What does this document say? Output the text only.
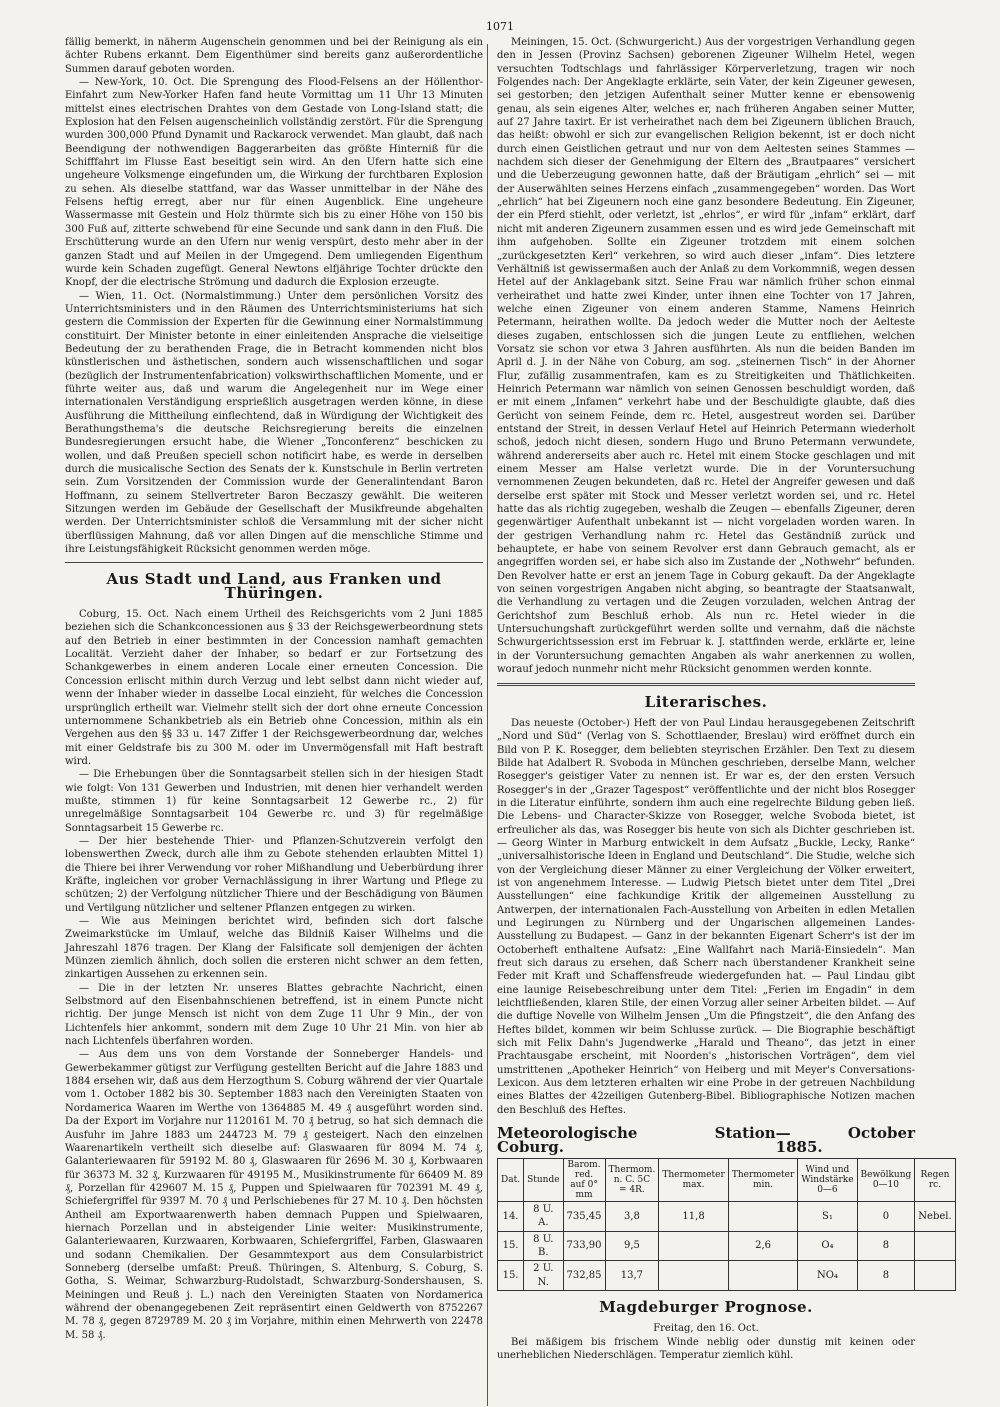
1071

fällig bemerkt, in näherm Augenschein genommen und bei der Reinigung als ein ächter Rubens erkannt. Dem Eigenthümer sind bereits ganz außerordentliche Summen darauf geboten worden.

— New-York, 10. Oct. Die Sprengung des Flood-Felsens an der Höllenthor-Einfahrt zum New-Yorker Hafen fand heute Vormittag um 11 Uhr 13 Minuten mittelst eines electrischen Drahtes von dem Gestade von Long-Island statt; die Explosion hat den Felsen augenscheinlich vollständig zerstört. Für die Sprengung wurden 300,000 Pfund Dynamit und Rackarock verwendet. Man glaubt, daß nach Beendigung der nothwendigen Baggerarbeiten das größte Hinterniß für die Schifffahrt im Flusse East beseitigt sein wird. An den Ufern hatte sich eine ungeheure Volksmenge eingefunden um, die Wirkung der furchtbaren Explosion zu sehen. Als dieselbe stattfand, war das Wasser unmittelbar in der Nähe des Felsens heftig erregt, aber nur für einen Augenblick. Eine ungeheure Wassermasse mit Gestein und Holz thürmte sich bis zu einer Höhe von 150 bis 300 Fuß auf, zitterte schwebend für eine Secunde und sank dann in den Fluß. Die Erschütterung wurde an den Ufern nur wenig verspürt, desto mehr aber in der ganzen Stadt und auf Meilen in der Umgegend. Dem umliegenden Eigenthum wurde kein Schaden zugefügt. General Newtons elfjährige Tochter drückte den Knopf, der die electrische Strömung und dadurch die Explosion erzeugte.

— Wien, 11. Oct. (Normalstimmung.) Unter dem persönlichen Vorsitz des Unterrichtsministers und in den Räumen des Unterrichtsministeriums hat sich gestern die Commission der Experten für die Gewinnung einer Normalstimmung constituirt. Der Minister betonte in einer einleitenden Ansprache die vielseitige Bedeutung der zu berathenden Frage, die in Betracht kommenden nicht blos künstlerischen und ästhetischen, sondern auch wissenschaftlichen und sogar (bezüglich der Instrumentenfabrication) volkswirthschaftlichen Momente, und er führte weiter aus, daß und warum die Angelegenheit nur im Wege einer internationalen Verständigung ersprießlich ausgetragen werden könne, in diese Ausführung die Mittheilung einflechtend, daß in Würdigung der Wichtigkeit des Berathungsthema's die deutsche Reichsregierung bereits die einzelnen Bundesregierungen ersucht habe, die Wiener „Tonconferenz“ beschicken zu wollen, und daß Preußen speciell schon notificirt habe, es werde in derselben durch die musicalische Section des Senats der k. Kunstschule in Berlin vertreten sein. Zum Vorsitzenden der Commission wurde der Generalintendant Baron Hoffmann, zu seinem Stellvertreter Baron Beczaszy gewählt. Die weiteren Sitzungen werden im Gebäude der Gesellschaft der Musikfreunde abgehalten werden. Der Unterrichtsminister schloß die Versammlung mit der sicher nicht überflüssigen Mahnung, daß vor allen Dingen auf die menschliche Stimme und ihre Leistungsfähigkeit Rücksicht genommen werden möge.

Aus Stadt und Land, aus Franken und Thüringen.

Coburg, 15. Oct. Nach einem Urtheil des Reichsgerichts vom 2 Juni 1885 beziehen sich die Schankconcessionen aus § 33 der Reichsgewerbeordnung stets auf den Betrieb in einer bestimmten in der Concession namhaft gemachten Localität. Verzieht daher der Inhaber, so bedarf er zur Fortsetzung des Schankgewerbes in einem anderen Locale einer erneuten Concession. Die Concession erlischt mithin durch Verzug und lebt selbst dann nicht wieder auf, wenn der Inhaber wieder in dasselbe Local einzieht, für welches die Concession ursprünglich ertheilt war. Vielmehr stellt sich der dort ohne erneute Concession unternommene Schankbetrieb als ein Betrieb ohne Concession, mithin als ein Vergehen aus den §§ 33 u. 147 Ziffer 1 der Reichsgewerbeordnung dar, welches mit einer Geldstrafe bis zu 300 M. oder im Unvermögensfall mit Haft bestraft wird.

— Die Erhebungen über die Sonntagsarbeit stellen sich in der hiesigen Stadt wie folgt: Von 131 Gewerben und Industrien, mit denen hier verhandelt werden mußte, stimmen 1) für keine Sonntagsarbeit 12 Gewerbe rc., 2) für unregelmäßige Sonntagsarbeit 104 Gewerbe rc. und 3) für regelmäßige Sonntagsarbeit 15 Gewerbe rc.

— Der hier bestehende Thier- und Pflanzen-Schutzverein verfolgt den lobenswerthen Zweck, durch alle ihm zu Gebote stehenden erlaubten Mittel 1) die Thiere bei ihrer Verwendung vor roher Mißhandlung und Ueberbürdung ihrer Kräfte, ingleichen vor grober Vernachlässigung in ihrer Wartung und Pflege zu schützen; 2) der Verfolgung nützlicher Thiere und der Beschädigung von Bäumen und Vertilgung nützlicher und seltener Pflanzen entgegen zu wirken.

— Wie aus Meiningen berichtet wird, befinden sich dort falsche Zweimarkstücke im Umlauf, welche das Bildniß Kaiser Wilhelms und die Jahreszahl 1876 tragen. Der Klang der Falsificate soll demjenigen der ächten Münzen ziemlich ähnlich, doch sollen die ersteren nicht schwer an dem fetten, zinkartigen Aussehen zu erkennen sein.

— Die in der letzten Nr. unseres Blattes gebrachte Nachricht, einen Selbstmord auf den Eisenbahnschienen betreffend, ist in einem Puncte nicht richtig. Der junge Mensch ist nicht von dem Zuge 11 Uhr 9 Min., der von Lichtenfels hier ankommt, sondern mit dem Zuge 10 Uhr 21 Min. von hier ab nach Lichtenfels überfahren worden.

— Aus dem uns von dem Vorstande der Sonneberger Handels- und Gewerbekammer gütigst zur Verfügung gestellten Bericht auf die Jahre 1883 und 1884 ersehen wir, daß aus dem Herzogthum S. Coburg während der vier Quartale vom 1. October 1882 bis 30. September 1883 nach den Vereinigten Staaten von Nordamerica Waaren im Werthe von 1364885 M. 49 ₰ ausgeführt worden sind. Da der Export im Vorjahre nur 1120161 M. 70 ₰ betrug, so hat sich demnach die Ausfuhr im Jahre 1883 um 244723 M. 79 ₰ gesteigert. Nach den einzelnen Waarenartikeln vertheilt sich dieselbe auf: Glaswaaren für 8094 M. 74 ₰, Galanteriewaaren für 59192 M. 80 ₰, Glaswaaren für 2696 M. 30 ₰, Korbwaaren für 36373 M. 32 ₰, Kurzwaaren für 49195 M., Musikinstrumente für 66409 M. 89 ₰, Porzellan für 429607 M. 15 ₰, Puppen und Spielwaaren für 702391 M. 49 ₰, Schiefergriffel für 9397 M. 70 ₰ und Perlschiebenes für 27 M. 10 ₰. Den höchsten Antheil am Exportwaarenwerth haben demnach Puppen und Spielwaaren, hiernach Porzellan und in absteigender Linie weiter: Musikinstrumente, Galanteriewaaren, Kurzwaaren, Korbwaaren, Schiefergriffel, Farben, Glaswaaren und sodann Chemikalien. Der Gesammtexport aus dem Consularbistrict Sonneberg (derselbe umfaßt: Preuß. Thüringen, S. Altenburg, S. Coburg, S. Gotha, S. Weimar, Schwarzburg-Rudolstadt, Schwarzburg-Sondershausen, S. Meiningen und Reuß j. L.) nach den Vereinigten Staaten von Nordamerica während der obenangegebenen Zeit repräsentirt einen Geldwerth von 8752267 M. 78 ₰, gegen 8729789 M. 20 ₰ im Vorjahre, mithin einen Mehrwerth von 22478 M. 58 ₰.

Meiningen, 15. Oct. (Schwurgericht.) Aus der vorgestrigen Verhandlung gegen den in Jessen (Provinz Sachsen) geborenen Zigeuner Wilhelm Hetel, wegen versuchten Todtschlags und fahrlässiger Körperverletzung, tragen wir noch Folgendes nach: Der Angeklagte erklärte, sein Vater, der kein Zigeuner gewesen, sei gestorben; den jetzigen Aufenthalt seiner Mutter kenne er ebensowenig genau, als sein eigenes Alter, welches er, nach früheren Angaben seiner Mutter, auf 27 Jahre taxirt. Er ist verheirathet nach dem bei Zigeunern üblichen Brauch, das heißt: obwohl er sich zur evangelischen Religion bekennt, ist er doch nicht durch einen Geistlichen getraut und nur von dem Aeltesten seines Stammes — nachdem sich dieser der Genehmigung der Eltern des „Brautpaares“ versichert und die Ueberzeugung gewonnen hatte, daß der Bräutigam „ehrlich“ sei — mit der Auserwählten seines Herzens einfach „zusammengegeben“ worden. Das Wort „ehrlich“ hat bei Zigeunern noch eine ganz besondere Bedeutung. Ein Zigeuner, der ein Pferd stiehlt, oder verletzt, ist „ehrlos“, er wird für „infam“ erklärt, darf nicht mit anderen Zigeunern zusammen essen und es wird jede Gemeinschaft mit ihm aufgehoben. Sollte ein Zigeuner trotzdem mit einem solchen „zurückgesetzten Kerl“ verkehren, so wird auch dieser „infam“. Dies letztere Verhältniß ist gewissermaßen auch der Anlaß zu dem Vorkommniß, wegen dessen Hetel auf der Anklagebank sitzt. Seine Frau war nämlich früher schon einmal verheirathet und hatte zwei Kinder, unter ihnen eine Tochter von 17 Jahren, welche einen Zigeuner von einem anderen Stamme, Namens Heinrich Petermann, heirathen wollte. Da jedoch weder die Mutter noch der Aelteste dieses zugaben, entschlossen sich die jungen Leute zu entfliehen, welchen Vorsatz sie schon vor etwa 3 Jahren ausführten. Als nun die beiden Banden im April d. J. in der Nähe von Coburg, am sog. „steinernen Tisch“ in der Ahorner Flur, zufällig zusammentrafen, kam es zu Streitigkeiten und Thätlichkeiten. Heinrich Petermann war nämlich von seinen Genossen beschuldigt worden, daß er mit einem „Infamen“ verkehrt habe und der Beschuldigte glaubte, daß dies Gerücht von seinem Feinde, dem rc. Hetel, ausgestreut worden sei. Darüber entstand der Streit, in dessen Verlauf Hetel auf Heinrich Petermann wiederholt schoß, jedoch nicht diesen, sondern Hugo und Bruno Petermann verwundete, während andererseits aber auch rc. Hetel mit einem Stocke geschlagen und mit einem Messer am Halse verletzt wurde. Die in der Voruntersuchung vernommenen Zeugen bekundeten, daß rc. Hetel der Angreifer gewesen und daß derselbe erst später mit Stock und Messer verletzt worden sei, und rc. Hetel hatte das als richtig zugegeben, weshalb die Zeugen — ebenfalls Zigeuner, deren gegenwärtiger Aufenthalt unbekannt ist — nicht vorgeladen worden waren. In der gestrigen Verhandlung nahm rc. Hetel das Geständniß zurück und behauptete, er habe von seinem Revolver erst dann Gebrauch gemacht, als er angegriffen worden sei, er habe sich also im Zustande der „Nothwehr“ befunden. Den Revolver hatte er erst an jenem Tage in Coburg gekauft. Da der Angeklagte von seinen vorgestrigen Angaben nicht abging, so beantragte der Staatsanwalt, die Verhandlung zu vertagen und die Zeugen vorzuladen, welchen Antrag der Gerichtshof zum Beschluß erhob. Als nun rc. Hetel wieder in die Untersuchungshaft zurückgeführt werden sollte und vernahm, daß die nächste Schwurgerichtssession erst im Februar k. J. stattfinden werde, erklärte er, leine in der Voruntersuchung gemachten Angaben als wahr anerkennen zu wollen, worauf jedoch nunmehr nicht mehr Rücksicht genommen werden konnte.

Literarisches.

Das neueste (October-) Heft der von Paul Lindau herausgegebenen Zeitschrift „Nord und Süd“ (Verlag von S. Schottlaender, Breslau) wird eröffnet durch ein Bild von P. K. Rosegger, dem beliebten steyrischen Erzähler. Den Text zu diesem Bilde hat Adalbert R. Svoboda in München geschrieben, derselbe Mann, welcher Rosegger's geistiger Vater zu nennen ist. Er war es, der den ersten Versuch Rosegger's in der „Grazer Tagespost“ veröffentlichte und der nicht blos Rosegger in die Literatur einführte, sondern ihm auch eine regelrechte Bildung geben ließ. Die Lebens- und Character-Skizze von Rosegger, welche Svoboda bietet, ist erfreulicher als das, was Rosegger bis heute von sich als Dichter geschrieben ist. — Georg Winter in Marburg entwickelt in dem Aufsatz „Buckle, Lecky, Ranke“ „universalhistorische Ideen in England und Deutschland“. Die Studie, welche sich von der Vergleichung dieser Männer zu einer Vergleichung der Völker erweitert, ist von angenehmem Interesse. — Ludwig Pietsch bietet unter dem Titel „Drei Ausstellungen“ eine fachkundige Kritik der allgemeinen Ausstellung zu Antwerpen, der internationalen Fach-Ausstellung von Arbeiten in edlen Metallen und Legirungen zu Nürnberg und der Ungarischen allgemeinen Landes-Ausstellung zu Budapest. — Ganz in der bekannten Eigenart Scherr's ist der im Octoberheft enthaltene Aufsatz: „Eine Wallfahrt nach Mariä-Einsiedeln“. Man freut sich daraus zu ersehen, daß Scherr nach überstandener Krankheit seine Feder mit Kraft und Schaffensfreude wiedergefunden hat. — Paul Lindau gibt eine launige Reisebeschreibung unter dem Titel: „Ferien im Engadin“ in dem leichtfließenden, klaren Stile, der einen Vorzug aller seiner Arbeiten bildet. — Auf die duftige Novelle von Wilhelm Jensen „Um die Pfingstzeit“, die den Anfang des Heftes bildet, kommen wir beim Schlusse zurück. — Die Biographie beschäftigt sich mit Felix Dahn's Jugendwerke „Harald und Theano“, das jetzt in einer Prachtausgabe erscheint, mit Noorden's „historischen Vorträgen“, dem viel umstrittenen „Apotheker Heinrich“ von Heiberg und mit Meyer's Conversations-Lexicon. Aus dem letzteren erhalten wir eine Probe in der getreuen Nachbildung eines Blattes der 42zeiligen Gutenberg-Bibel. Bibliographische Notizen machen den Beschluß des Heftes.

Meteorologische Station Coburg.
— October 1885.
Dat.	Stunde	Barom. red. auf 0° mm	Thermom. n. C. 5C = 4R.	Thermometer max.	Thermometer min.	Wind und Windstärke 0—6	Bewölkung 0—10	Regen rc.
14.	8 U. A.	735,45	3,8	11,8		S₁	0	Nebel.
15.	8 U. B.	733,90	9,5		2,6	O₄	8	
15.	2 U. N.	732,85	13,7			NO₄	8	
Magdeburger Prognose.

Freitag, den 16. Oct.

Bei mäßigem bis frischem Winde neblig oder dunstig mit keinen oder unerheblichen Niederschlägen. Temperatur ziemlich kühl.
